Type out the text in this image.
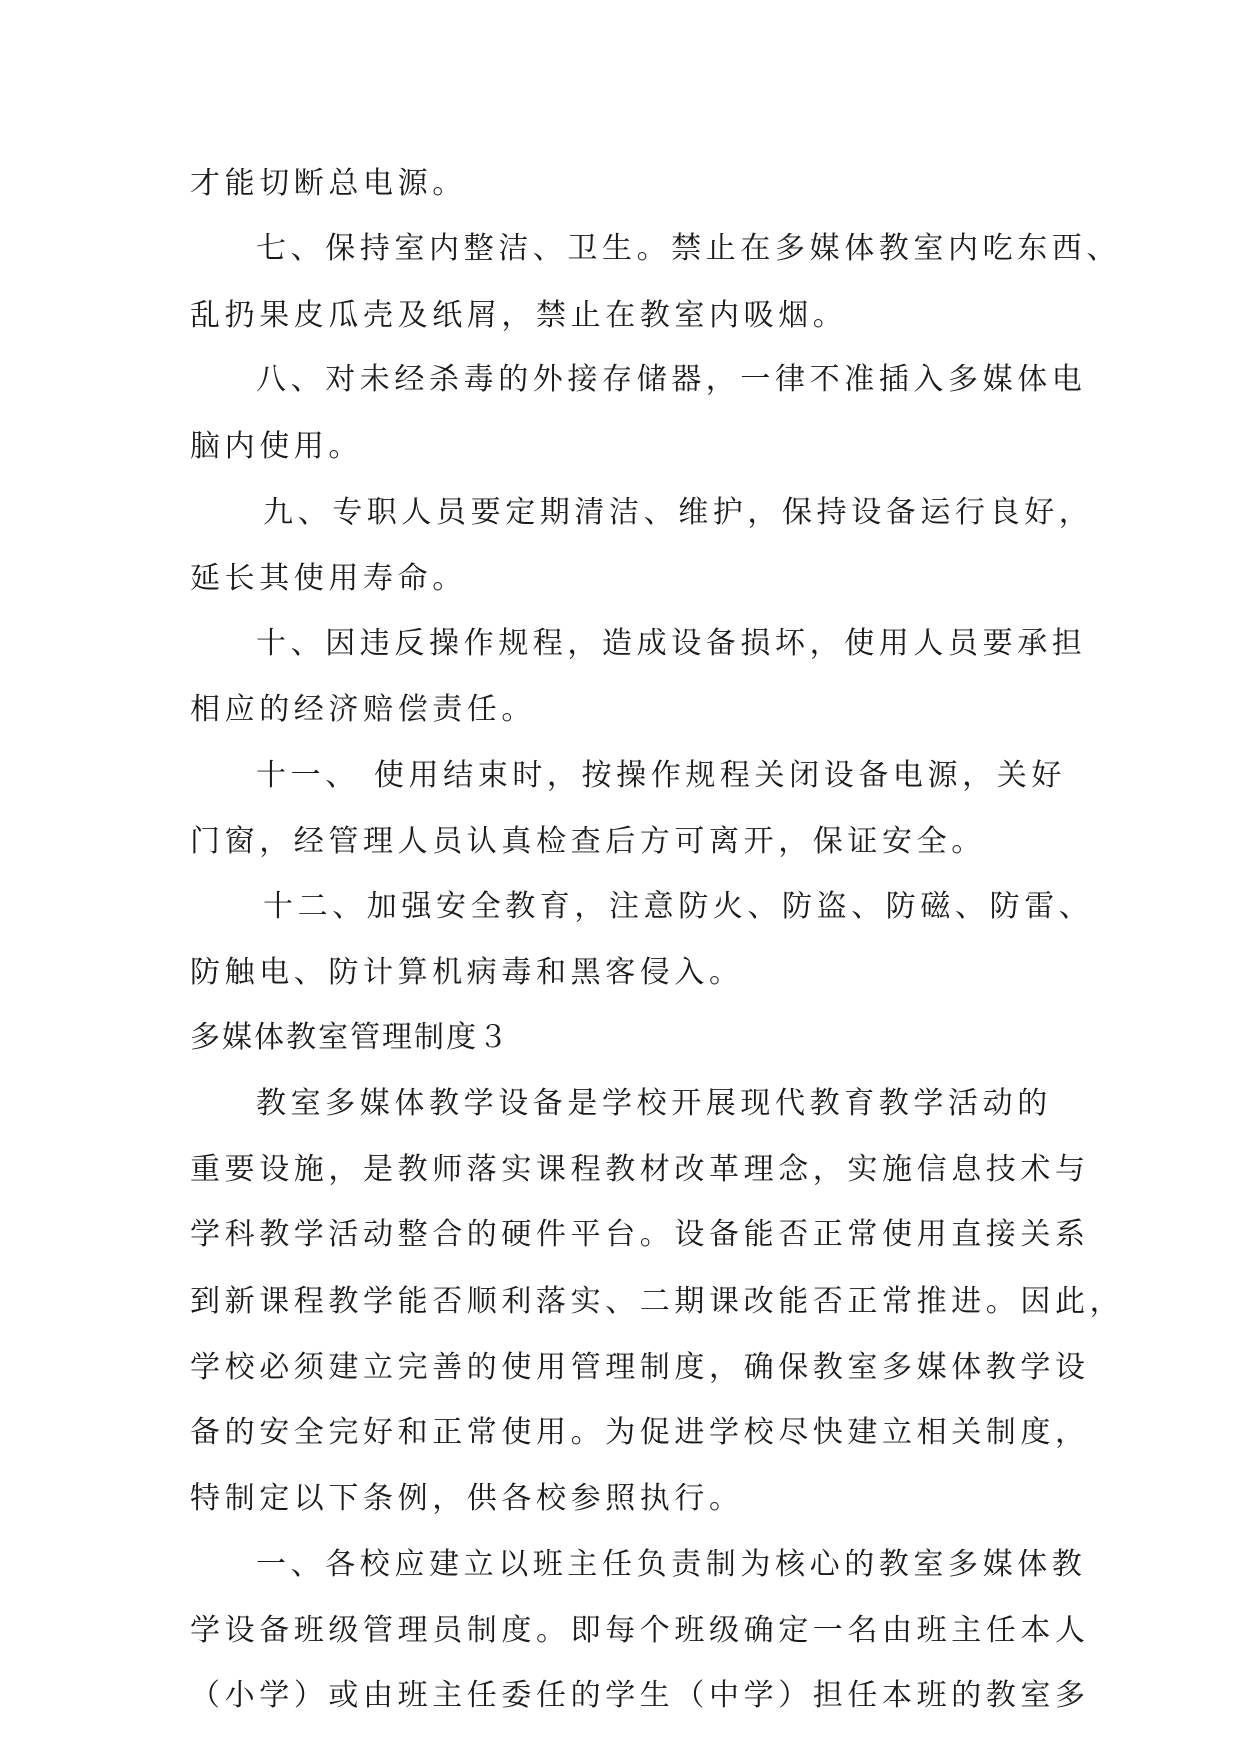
才能切断总电源。
七、保持室内整洁、卫生。禁止在多媒体教室内吃东西、
乱扔果皮瓜壳及纸屑，禁止在教室内吸烟。
八、对未经杀毒的外接存储器，一律不准插入多媒体电
脑内使用。
九、专职人员要定期清洁、维护，保持设备运行良好，
延长其使用寿命。
十、因违反操作规程，造成设备损坏，使用人员要承担
相应的经济赔偿责任。
十一、 使用结束时，按操作规程关闭设备电源，关好
门窗，经管理人员认真检查后方可离开，保证安全。
十二、加强安全教育，注意防火、防盗、防磁、防雷、
防触电、防计算机病毒和黑客侵入。
多媒体教室管理制度３
教室多媒体教学设备是学校开展现代教育教学活动的
重要设施，是教师落实课程教材改革理念，实施信息技术与
学科教学活动整合的硬件平台。设备能否正常使用直接关系
到新课程教学能否顺利落实、二期课改能否正常推进。因此，
学校必须建立完善的使用管理制度，确保教室多媒体教学设
备的安全完好和正常使用。为促进学校尽快建立相关制度，
特制定以下条例，供各校参照执行。
一、各校应建立以班主任负责制为核心的教室多媒体教
学设备班级管理员制度。即每个班级确定一名由班主任本人
（小学）或由班主任委任的学生（中学）担任本班的教室多
